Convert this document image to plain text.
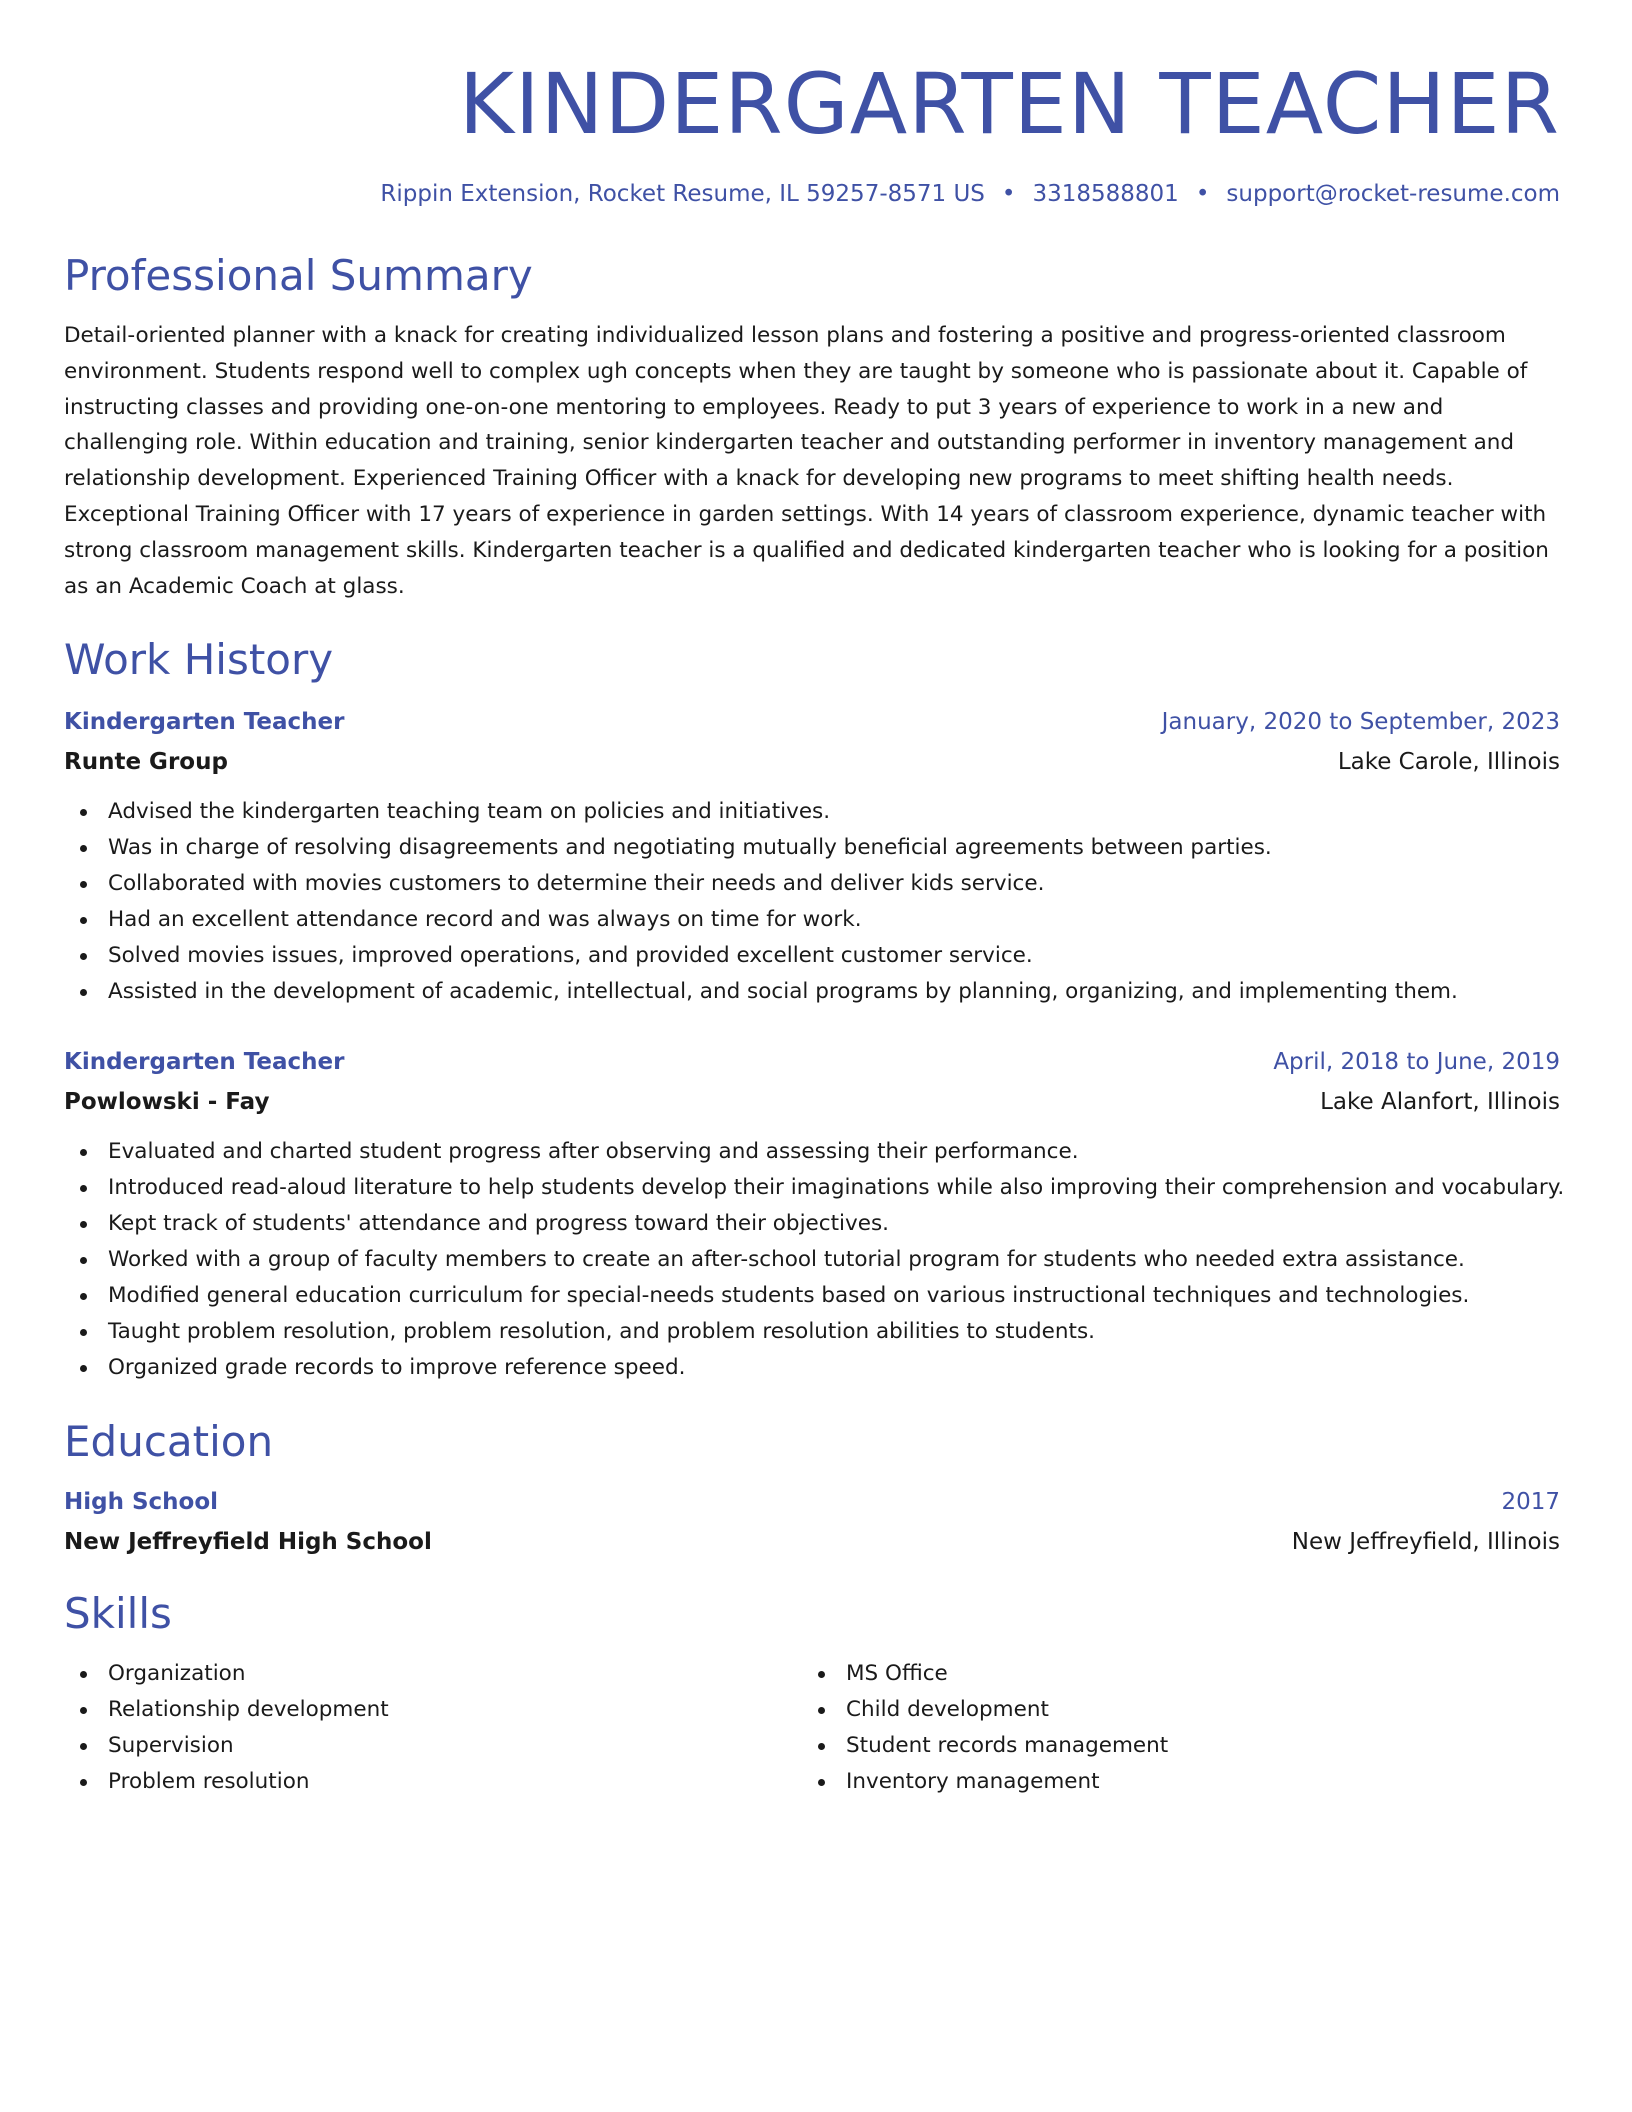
KINDERGARTEN TEACHER
Rippin Extension, Rocket Resume, IL 59257-8571 US • 3318588801 • support@rocket-resume.com
Professional Summary
Detail-oriented planner with a knack for creating individualized lesson plans and fostering a positive and progress-oriented classroom environment. Students respond well to complex ugh concepts when they are taught by someone who is passionate about it. Capable of instructing classes and providing one-on-one mentoring to employees. Ready to put 3 years of experience to work in a new and challenging role. Within education and training, senior kindergarten teacher and outstanding performer in inventory management and relationship development. Experienced Training Officer with a knack for developing new programs to meet shifting health needs. Exceptional Training Officer with 17 years of experience in garden settings. With 14 years of classroom experience, dynamic teacher with strong classroom management skills. Kindergarten teacher is a qualified and dedicated kindergarten teacher who is looking for a position as an Academic Coach at glass.
Work History
Kindergarten Teacher	January, 2020 to September, 2023
Runte Group	Lake Carole, Illinois
Advised the kindergarten teaching team on policies and initiatives.
Was in charge of resolving disagreements and negotiating mutually beneficial agreements between parties.
Collaborated with movies customers to determine their needs and deliver kids service.
Had an excellent attendance record and was always on time for work.
Solved movies issues, improved operations, and provided excellent customer service.
Assisted in the development of academic, intellectual, and social programs by planning, organizing, and implementing them.
Kindergarten Teacher	April, 2018 to June, 2019
Powlowski - Fay	Lake Alanfort, Illinois
Evaluated and charted student progress after observing and assessing their performance.
Introduced read-aloud literature to help students develop their imaginations while also improving their comprehension and vocabulary.
Kept track of students' attendance and progress toward their objectives.
Worked with a group of faculty members to create an after-school tutorial program for students who needed extra assistance.
Modified general education curriculum for special-needs students based on various instructional techniques and technologies.
Taught problem resolution, problem resolution, and problem resolution abilities to students.
Organized grade records to improve reference speed.
Education
High School	2017
New Jeffreyfield High School	New Jeffreyfield, Illinois
Skills
Organization
Relationship development
Supervision
Problem resolution
MS Office
Child development
Student records management
Inventory management
